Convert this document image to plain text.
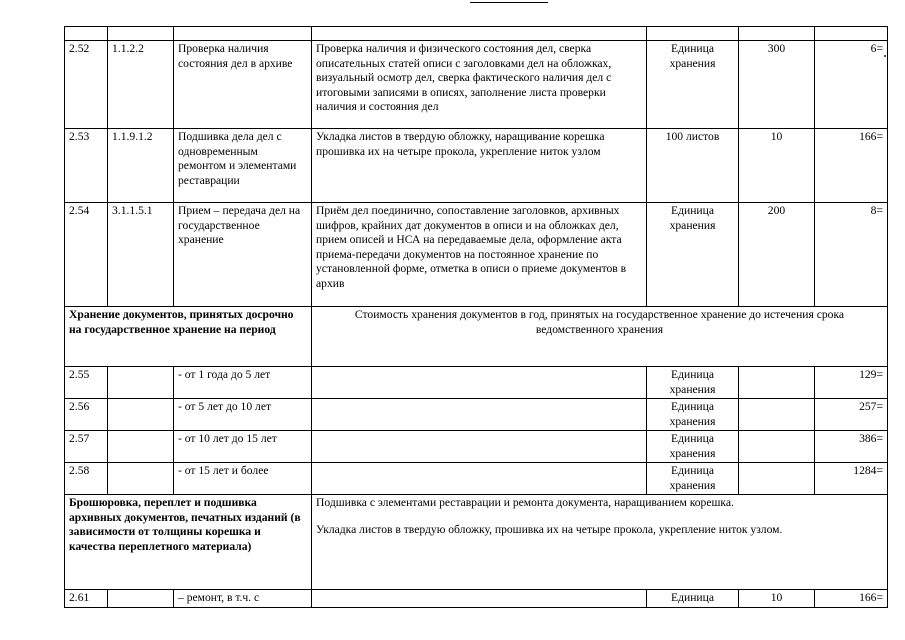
2.52	1.1.2.2	Проверка наличия состояния дел в архиве	Проверка наличия и физического состояния дел, сверка описательных статей описи с заголовками дел на обложках, визуальный осмотр дел, сверка фактического наличия дел с итоговыми записями в описях, заполнение листа проверки наличия и состояния дел	Единица хранения	300	6=
2.53	1.1.9.1.2	Подшивка дела дел с одновременным ремонтом и элементами реставрации	Укладка листов в твердую обложку, наращивание корешка прошивка их на четыре прокола, укрепление ниток узлом	100 листов	10	166=
2.54	3.1.1.5.1	Прием – передача дел на государственное хранение	Приём дел поединично, сопоставление заголовков, архивных шифров, крайних дат документов в описи и на обложках дел, прием описей и НСА на передаваемые дела, оформление акта приема-передачи документов на постоянное хранение по установленной форме, отметка в описи о приеме документов в архив	Единица хранения	200	8=
Хранение документов, принятых досрочно на государственное хранение на период			Стоимость хранения документов в год, принятых на государственное хранение до истечения срока ведомственного хранения			
2.55		- от 1 года до 5 лет		Единица хранения		129=
2.56		- от 5 лет до 10 лет		Единица хранения		257=
2.57		- от 10 лет до 15 лет		Единица хранения		386=
2.58		- от 15 лет и более		Единица хранения		1284=
Брошюровка, переплет и подшивка архивных документов, печатных изданий (в зависимости от толщины корешка и качества переплетного материала)			Подшивка с элементами реставрации и ремонта документа, наращиванием корешка.
Укладка листов в твердую обложку, прошивка их на четыре прокола, укрепление ниток узлом.			

2.61		– ремонт, в т.ч. с		Единица	10	166=
